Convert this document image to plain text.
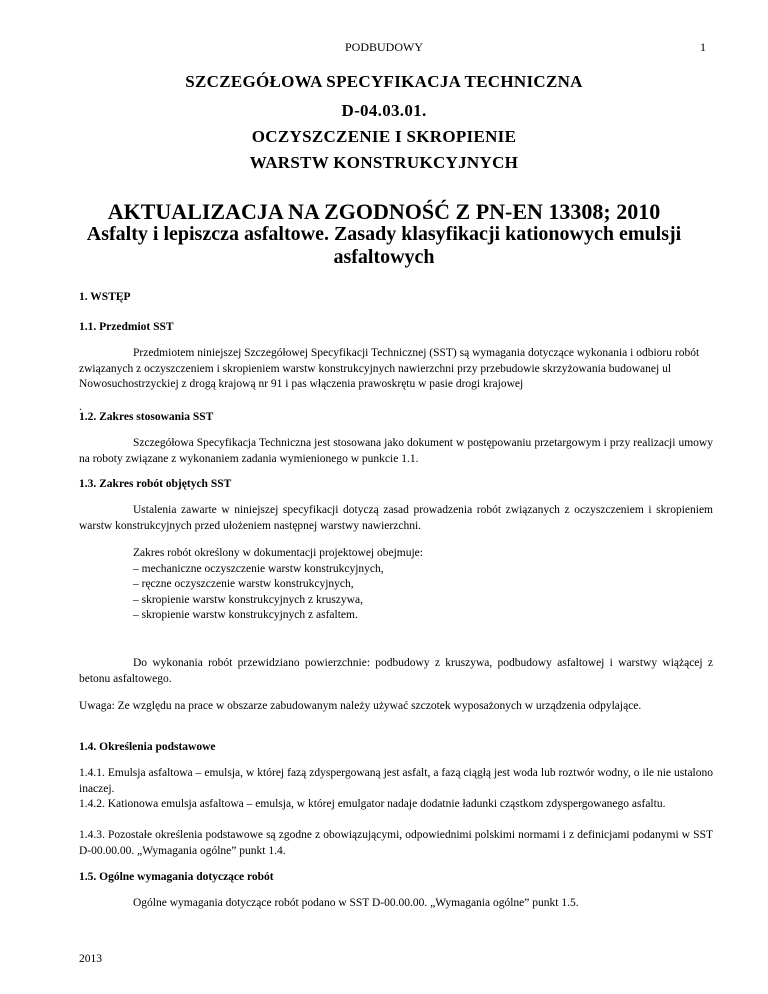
PODBUDOWY	1
SZCZEGÓŁOWA SPECYFIKACJA TECHNICZNA
D-04.03.01.
OCZYSZCZENIE I SKROPIENIE
WARSTW KONSTRUKCYJNYCH
AKTUALIZACJA NA ZGODNOŚĆ Z PN-EN 13308; 2010
Asfalty i lepiszcza asfaltowe. Zasady klasyfikacji kationowych emulsji
asfaltowych
1. WSTĘP
1.1. Przedmiot SST
Przedmiotem niniejszej Szczegółowej Specyfikacji Technicznej (SST) są wymagania dotyczące wykonania i odbioru robót związanych z oczyszczeniem i skropieniem warstw konstrukcyjnych nawierzchni przy przebudowie skrzyżowania budowanej ul Nowosuchostrzyckiej z drogą krajową nr 91 i pas włączenia prawoskrętu w pasie drogi krajowej
.
1.2. Zakres stosowania SST
Szczegółowa Specyfikacja Techniczna jest stosowana jako dokument w postępowaniu przetargowym i przy realizacji umowy na roboty związane z wykonaniem zadania wymienionego w punkcie 1.1.
1.3. Zakres robót objętych SST
Ustalenia zawarte w niniejszej specyfikacji dotyczą zasad prowadzenia robót związanych z oczyszczeniem i skropieniem warstw konstrukcyjnych przed ułożeniem następnej warstwy nawierzchni.
Zakres robót określony w dokumentacji projektowej obejmuje:
– mechaniczne oczyszczenie warstw konstrukcyjnych,
– ręczne oczyszczenie warstw konstrukcyjnych,
– skropienie warstw konstrukcyjnych z kruszywa,
– skropienie warstw konstrukcyjnych z asfaltem.
Do wykonania robót przewidziano powierzchnie: podbudowy z kruszywa, podbudowy asfaltowej i warstwy wiążącej z betonu asfaltowego.
Uwaga: Ze względu na prace w obszarze zabudowanym należy używać szczotek wyposażonych w urządzenia odpylające.
1.4. Określenia podstawowe
1.4.1. Emulsja asfaltowa – emulsja, w której fazą zdyspergowaną jest asfalt, a fazą ciągłą jest woda lub roztwór wodny, o ile nie ustalono inaczej.
1.4.2. Kationowa emulsja asfaltowa – emulsja, w której emulgator nadaje dodatnie ładunki cząstkom zdyspergowanego asfaltu.
1.4.3. Pozostałe określenia podstawowe są zgodne z obowiązującymi, odpowiednimi polskimi normami i z definicjami podanymi w SST D-00.00.00. „Wymagania ogólne” punkt 1.4.
1.5. Ogólne wymagania dotyczące robót
Ogólne wymagania dotyczące robót podano w SST D-00.00.00. „Wymagania ogólne” punkt 1.5.
2013
